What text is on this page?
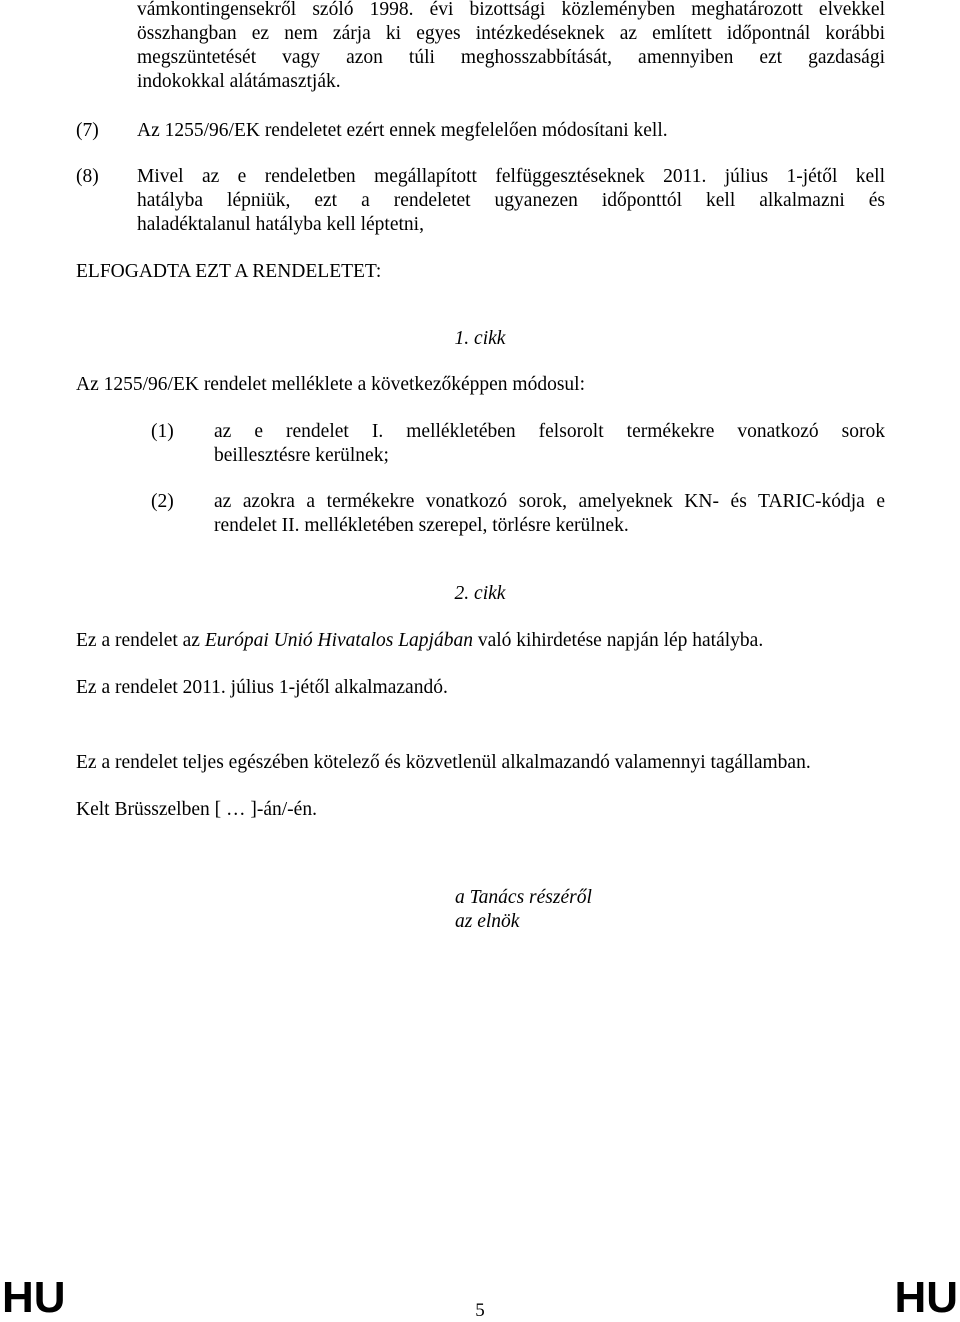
vámkontingensekről szóló 1998. évi bizottsági közleményben meghatározott elvekkel
összhangban ez nem zárja ki egyes intézkedéseknek az említett időpontnál korábbi
megszüntetését vagy azon túli meghosszabbítását, amennyiben ezt gazdasági
indokokkal alátámasztják.
(7) Az 1255/96/EK rendeletet ezért ennek megfelelően módosítani kell.
(8) Mivel az e rendeletben megállapított felfüggesztéseknek 2011. július 1-jétől kell
hatályba lépniük, ezt a rendeletet ugyanezen időponttól kell alkalmazni és
haladéktalanul hatályba kell léptetni,
ELFOGADTA EZT A RENDELETET:
1. cikk
Az 1255/96/EK rendelet melléklete a következőképpen módosul:
(1) az e rendelet I. mellékletében felsorolt termékekre vonatkozó sorok
beillesztésre kerülnek;
(2) az azokra a termékekre vonatkozó sorok, amelyeknek KN- és TARIC-kódja e
rendelet II. mellékletében szerepel, törlésre kerülnek.
2. cikk
Ez a rendelet az Európai Unió Hivatalos Lapjában való kihirdetése napján lép hatályba.
Ez a rendelet 2011. július 1-jétől alkalmazandó.
Ez a rendelet teljes egészében kötelező és közvetlenül alkalmazandó valamennyi tagállamban.
Kelt Brüsszelben [ … ]-án/-én.
a Tanács részéről
az elnök
HU	5	HU
